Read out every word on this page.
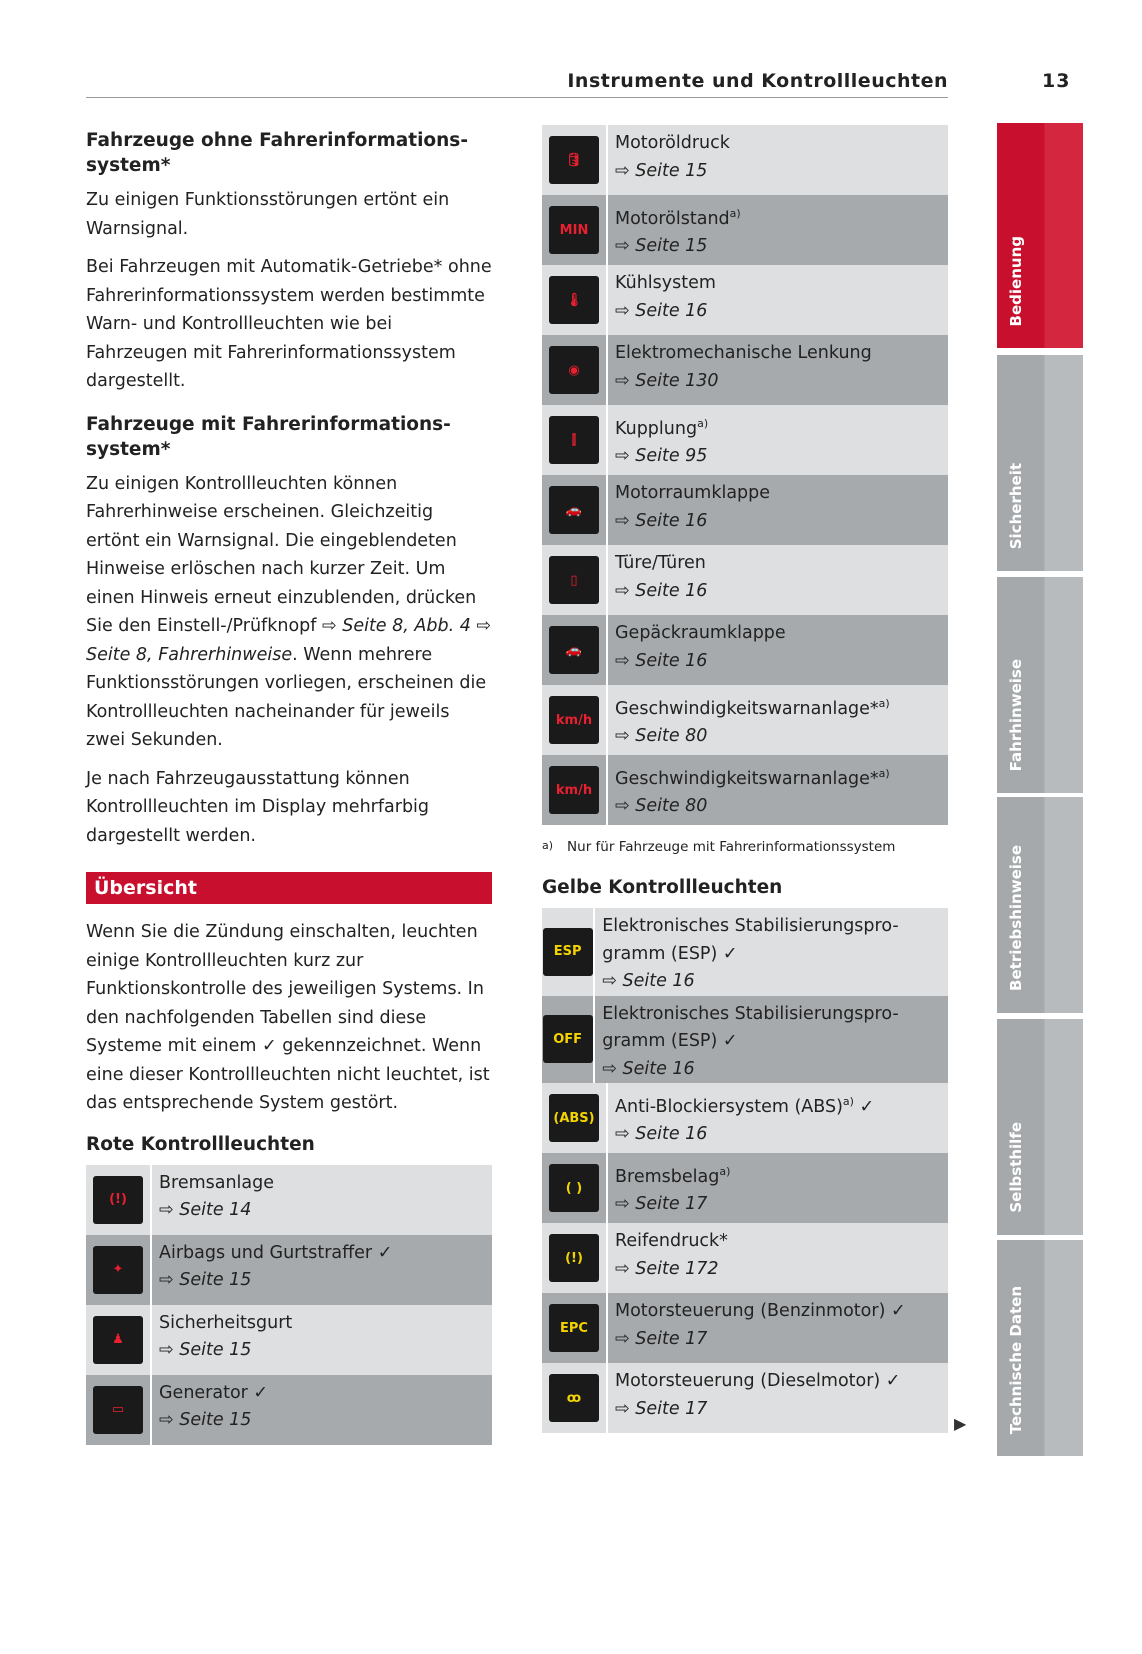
Instrumente und Kontrollleuchten	13
Fahrzeuge ohne Fahrerinformations-system*

Zu einigen Funktionsstörungen ertönt ein Warnsignal.

Bei Fahrzeugen mit Automatik-Getriebe* ohne Fahrerinformationssystem werden bestimmte Warn- und Kontrollleuchten wie bei Fahrzeugen mit Fahrerinformationssystem dargestellt.

Fahrzeuge mit Fahrerinformations-system*

Zu einigen Kontrollleuchten können Fahrerhinweise erscheinen. Gleichzeitig ertönt ein Warnsignal. Die eingeblendeten Hinweise erlöschen nach kurzer Zeit. Um einen Hinweis erneut einzublenden, drücken Sie den Einstell-/Prüfknopf ⇨ Seite 8, Abb. 4 ⇨ Seite 8, Fahrerhinweise. Wenn mehrere Funktionsstörungen vorliegen, erscheinen die Kontrollleuchten nacheinander für jeweils zwei Sekunden.

Je nach Fahrzeugausstattung können Kontrollleuchten im Display mehrfarbig dargestellt werden.

Übersicht

Wenn Sie die Zündung einschalten, leuchten einige Kontrollleuchten kurz zur Funktionskontrolle des jeweiligen Systems. In den nachfolgenden Tabellen sind diese Systeme mit einem ✓ gekennzeichnet. Wenn eine dieser Kontrollleuchten nicht leuchtet, ist das entsprechende System gestört.

Rote Kontrollleuchten
(!)
Bremsanlage
⇨ Seite 14
✦
Airbags und Gurtstraffer ✓
⇨ Seite 15
♟
Sicherheitsgurt
⇨ Seite 15
▭
Generator ✓
⇨ Seite 15
🛢
Motoröldruck
⇨ Seite 15
MIN
Motorölstand$^{a)}$
⇨ Seite 15
🌡
Kühlsystem
⇨ Seite 16
◉
Elektromechanische Lenkung
⇨ Seite 130
⫿
Kupplung$^{a)}$
⇨ Seite 95
🚗
Motorraumklappe
⇨ Seite 16
▯
Türe/Türen
⇨ Seite 16
🚗
Gepäckraumklappe
⇨ Seite 16
km/h
Geschwindigkeitswarnanlage*$^{a)}$
⇨ Seite 80
km/h
Geschwindigkeitswarnanlage*$^{a)}$
⇨ Seite 80
a) Nur für Fahrzeuge mit Fahrerinformationssystem
Gelbe Kontrollleuchten
ESP
Elektronisches Stabilisierungspro-gramm (ESP) ✓
⇨ Seite 16
OFF
Elektronisches Stabilisierungspro-gramm (ESP) ✓
⇨ Seite 16
(ABS)
Anti-Blockiersystem (ABS)$^{a)}$ ✓
⇨ Seite 16
( )
Bremsbelag$^{a)}$
⇨ Seite 17
(!)
Reifendruck*
⇨ Seite 172
EPC
Motorsteuerung (Benzinmotor) ✓
⇨ Seite 17
ꝏ
Motorsteuerung (Dieselmotor) ✓
⇨ Seite 17
▶
Bedienung
Sicherheit
Fahrhinweise
Betriebshinweise
Selbsthilfe
Technische Daten
